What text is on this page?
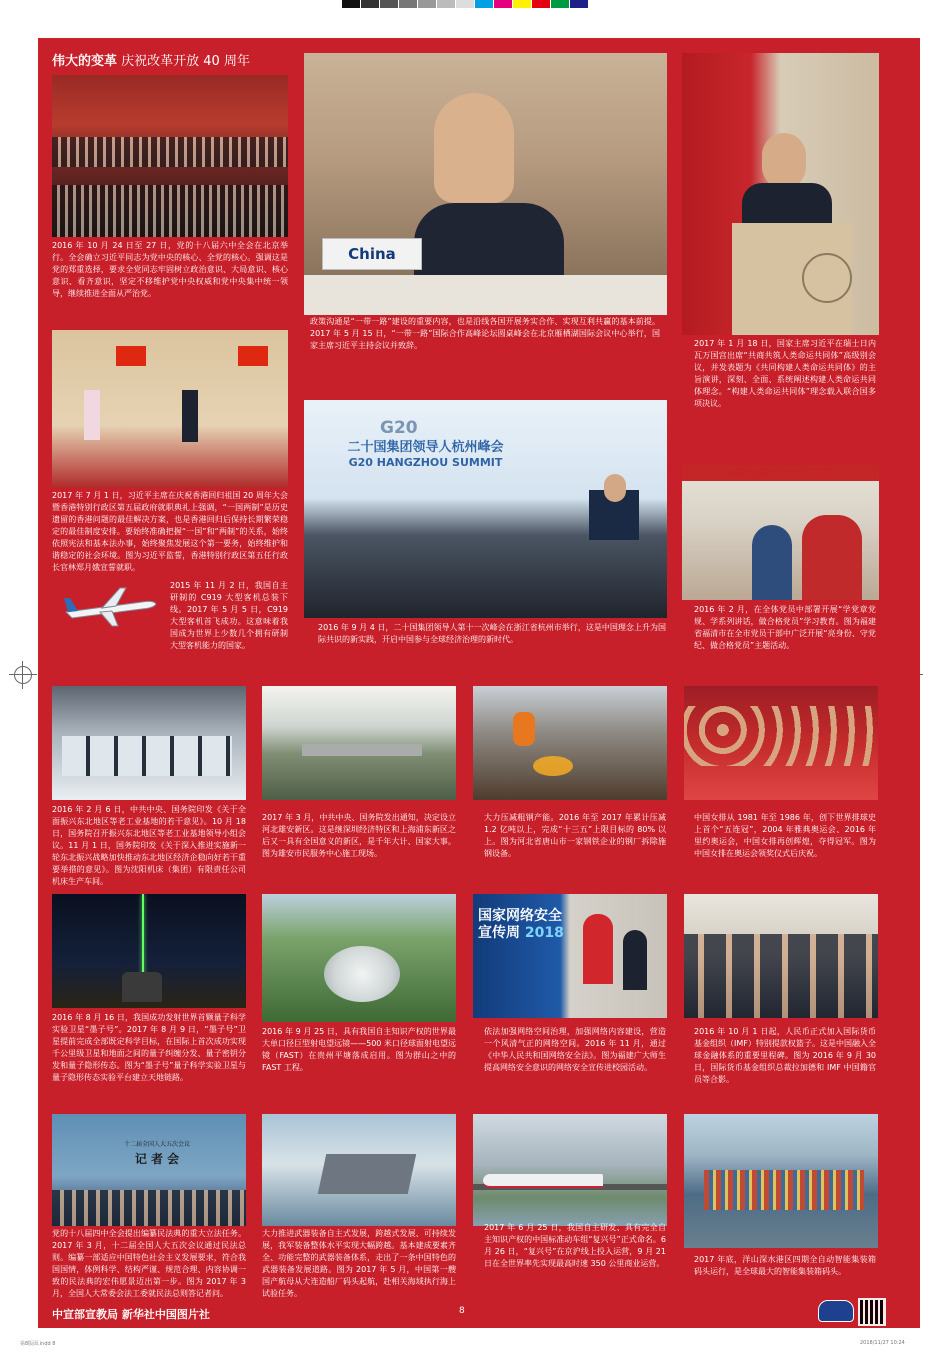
伟大的变革 庆祝改革开放 40 周年
2016 年 10 月 24 日至 27 日，党的十八届六中全会在北京举行。全会确立习近平同志为党中央的核心、全党的核心。强调这是党的郑重选择，要求全党同志牢固树立政治意识、大局意识、核心意识、看齐意识，坚定不移维护党中央权威和党中央集中统一领导，继续推进全面从严治党。
China
政策沟通是“一带一路”建设的重要内容，也是沿线各国开展务实合作、实现互利共赢的基本前提。2017 年 5 月 15 日，“一带一路”国际合作高峰论坛圆桌峰会在北京雁栖湖国际会议中心举行，国家主席习近平主持会议并致辞。	2017 年 1 月 18 日，国家主席习近平在瑞士日内瓦万国宫出席“共商共筑人类命运共同体”高级别会议，并发表题为《共同构建人类命运共同体》的主旨演讲，深刻、全面、系统阐述构建人类命运共同体理念。“构建人类命运共同体”理念载入联合国多项决议。
2017 年 7 月 1 日，习近平主席在庆祝香港回归祖国 20 周年大会暨香港特别行政区第五届政府就职典礼上强调，“一国两制”是历史遗留的香港问题的最佳解决方案，也是香港回归后保持长期繁荣稳定的最佳制度安排。要始终准确把握“一国”和“两制”的关系，始终依照宪法和基本法办事，始终聚焦发展这个第一要务，始终维护和谐稳定的社会环境。图为习近平监誓，香港特别行政区第五任行政长官林郑月娥宣誓就职。
2015 年 11 月 2 日，我国自主研制的 C919 大型客机总装下线。2017 年 5 月 5 日，C919 大型客机首飞成功。这意味着我国成为世界上少数几个拥有研制大型客机能力的国家。
G20
二十国集团领导人杭州峰会
G20 HANGZHOU SUMMIT
2016 年 9 月 4 日，二十国集团领导人第十一次峰会在浙江省杭州市举行，这是中国理念上升为国际共识的新实践，开启中国参与全球经济治理的新时代。
践行“两学一做” 争当先锋
2016 年 2 月，在全体党员中部署开展“学党章党规、学系列讲话，做合格党员”学习教育。图为福建省福清市在全市党员干部中广泛开展“亮身份、守党纪、做合格党员”主题活动。
2016 年 2 月 6 日，中共中央、国务院印发《关于全面振兴东北地区等老工业基地的若干意见》。10 月 18 日，国务院召开振兴东北地区等老工业基地领导小组会议。11 月 1 日，国务院印发《关于深入推进实施新一轮东北振兴战略加快推动东北地区经济企稳向好若干重要举措的意见》。图为沈阳机床（集团）有限责任公司机床生产车间。
2017 年 3 月，中共中央、国务院发出通知，决定设立河北雄安新区。这是继深圳经济特区和上海浦东新区之后又一具有全国意义的新区，是千年大计、国家大事。图为雄安市民服务中心施工现场。
大力压减粗钢产能。2016 年至 2017 年累计压减 1.2 亿吨以上，完成“十三五”上限目标的 80% 以上。图为河北省唐山市一家钢铁企业的钢厂拆除施钢设备。
中国女排从 1981 年至 1986 年，创下世界排球史上首个“五连冠”，2004 年雅典奥运会、2016 年里约奥运会，中国女排再创辉煌，夺得冠军。图为中国女排在奥运会领奖仪式后庆祝。
2016 年 8 月 16 日，我国成功发射世界首颗量子科学实验卫星“墨子号”。2017 年 8 月 9 日，“墨子号”卫星提前完成全部既定科学目标，在国际上首次成功实现千公里级卫星和地面之间的量子纠缠分发、量子密钥分发和量子隐形传态。图为“墨子号”量子科学实验卫星与量子隐形传态实验平台建立天地链路。
2016 年 9 月 25 日，具有我国自主知识产权的世界最大单口径巨型射电望远镜——500 米口径球面射电望远镜（FAST）在贵州平塘落成启用。图为群山之中的 FAST 工程。
国家网络安全宣传周 2018
依法加强网络空间治理，加强网络内容建设，营造一个风清气正的网络空间。2016 年 11 月，通过《中华人民共和国网络安全法》。图为福建广大师生提高网络安全意识的网络安全宣传进校园活动。
2016 年 10 月 1 日起，人民币正式加入国际货币基金组织（IMF）特别提款权篮子。这是中国融入全球金融体系的重要里程碑。图为 2016 年 9 月 30 日，国际货币基金组织总裁拉加德和 IMF 中国籍官员等合影。
十二届全国人大五次会议
记 者 会
党的十八届四中全会提出编纂民法典的重大立法任务。2017 年 3 月，十二届全国人大五次会议通过民法总则。编纂一部适应中国特色社会主义发展要求，符合我国国情，体例科学、结构严谨、规范合理、内容协调一致的民法典的宏伟愿景迈出第一步。图为 2017 年 3 月，全国人大常委会法工委就民法总则答记者问。
大力推进武器装备自主式发展，跨越式发展、可持续发展，我军装备整体水平实现大幅跨越。基本建成要素齐全、功能完整的武器装备体系，走出了一条中国特色的武器装备发展道路。图为 2017 年 5 月，中国第一艘国产航母从大连造船厂码头起航，赴相关海域执行海上试验任务。
2017 年 6 月 25 日，我国自主研发、具有完全自主知识产权的中国标准动车组“复兴号”正式命名。6 月 26 日，“复兴号”在京沪线上投入运营，9 月 21 日在全世界率先实现最高时速 350 公里商业运营。	2017 年底，洋山深水港区四期全自动智能集装箱码头运行，是全球最大的智能集装箱码头。
中宣部宣教局 新华社中国图片社	8
第8版面.indd 8	2018/11/27 10:24
